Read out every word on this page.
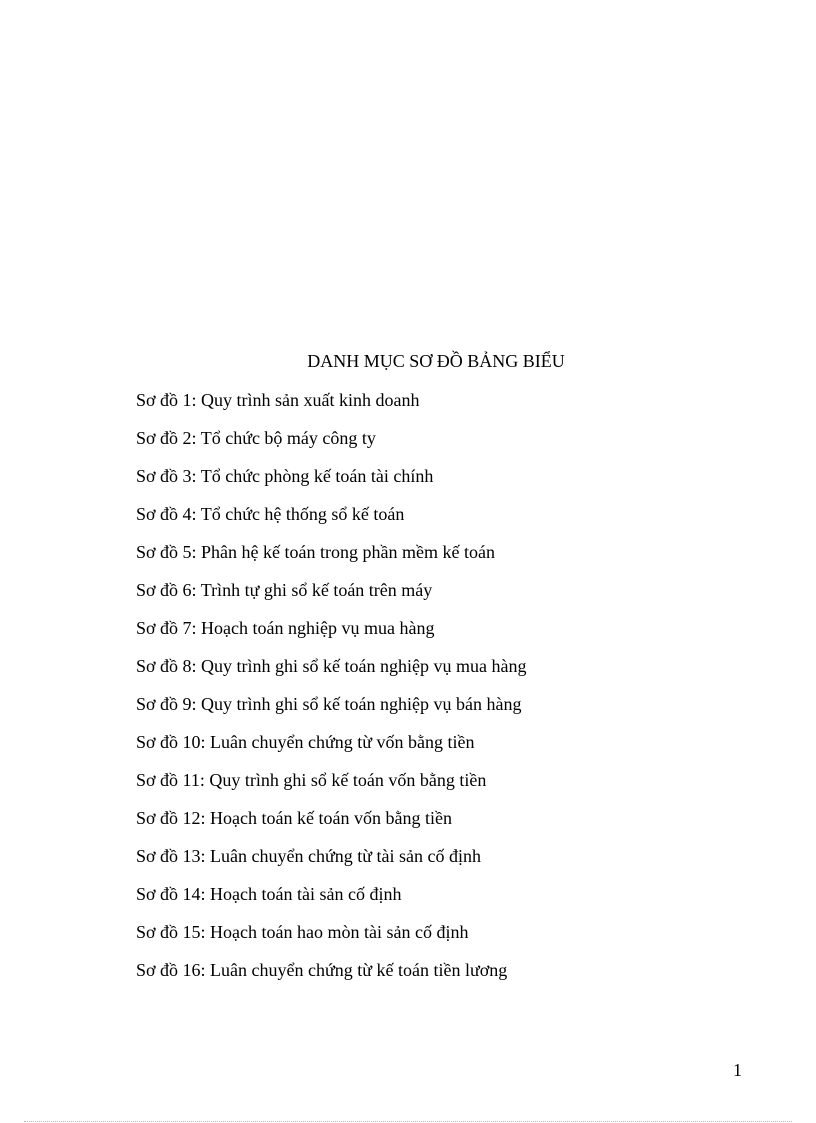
DANH MỤC SƠ ĐỒ BẢNG BIỂU
Sơ đồ 1: Quy trình sản xuất kinh doanh
Sơ đồ 2: Tổ chức bộ máy công ty
Sơ đồ 3: Tổ chức phòng kế toán tài chính
Sơ đồ 4: Tổ chức hệ thống sổ kế toán
Sơ đồ 5: Phân hệ kế toán trong phần mềm kế toán
Sơ đồ 6: Trình tự ghi sổ kế toán trên máy
Sơ đồ 7: Hoạch toán nghiệp vụ mua hàng
Sơ đồ 8: Quy trình ghi sổ kế toán nghiệp vụ mua hàng
Sơ đồ 9: Quy trình ghi sổ kế toán nghiệp vụ bán hàng
Sơ đồ 10: Luân chuyển chứng từ vốn bằng tiền
Sơ đồ 11: Quy trình ghi sổ kế toán vốn bằng tiền
Sơ đồ 12: Hoạch toán kế toán vốn bằng tiền
Sơ đồ 13: Luân chuyển chứng từ tài sản cố định
Sơ đồ 14: Hoạch toán tài sản cố định
Sơ đồ 15: Hoạch toán hao mòn tài sản cố định
Sơ đồ 16: Luân chuyển chứng từ kế toán tiền lương
1
